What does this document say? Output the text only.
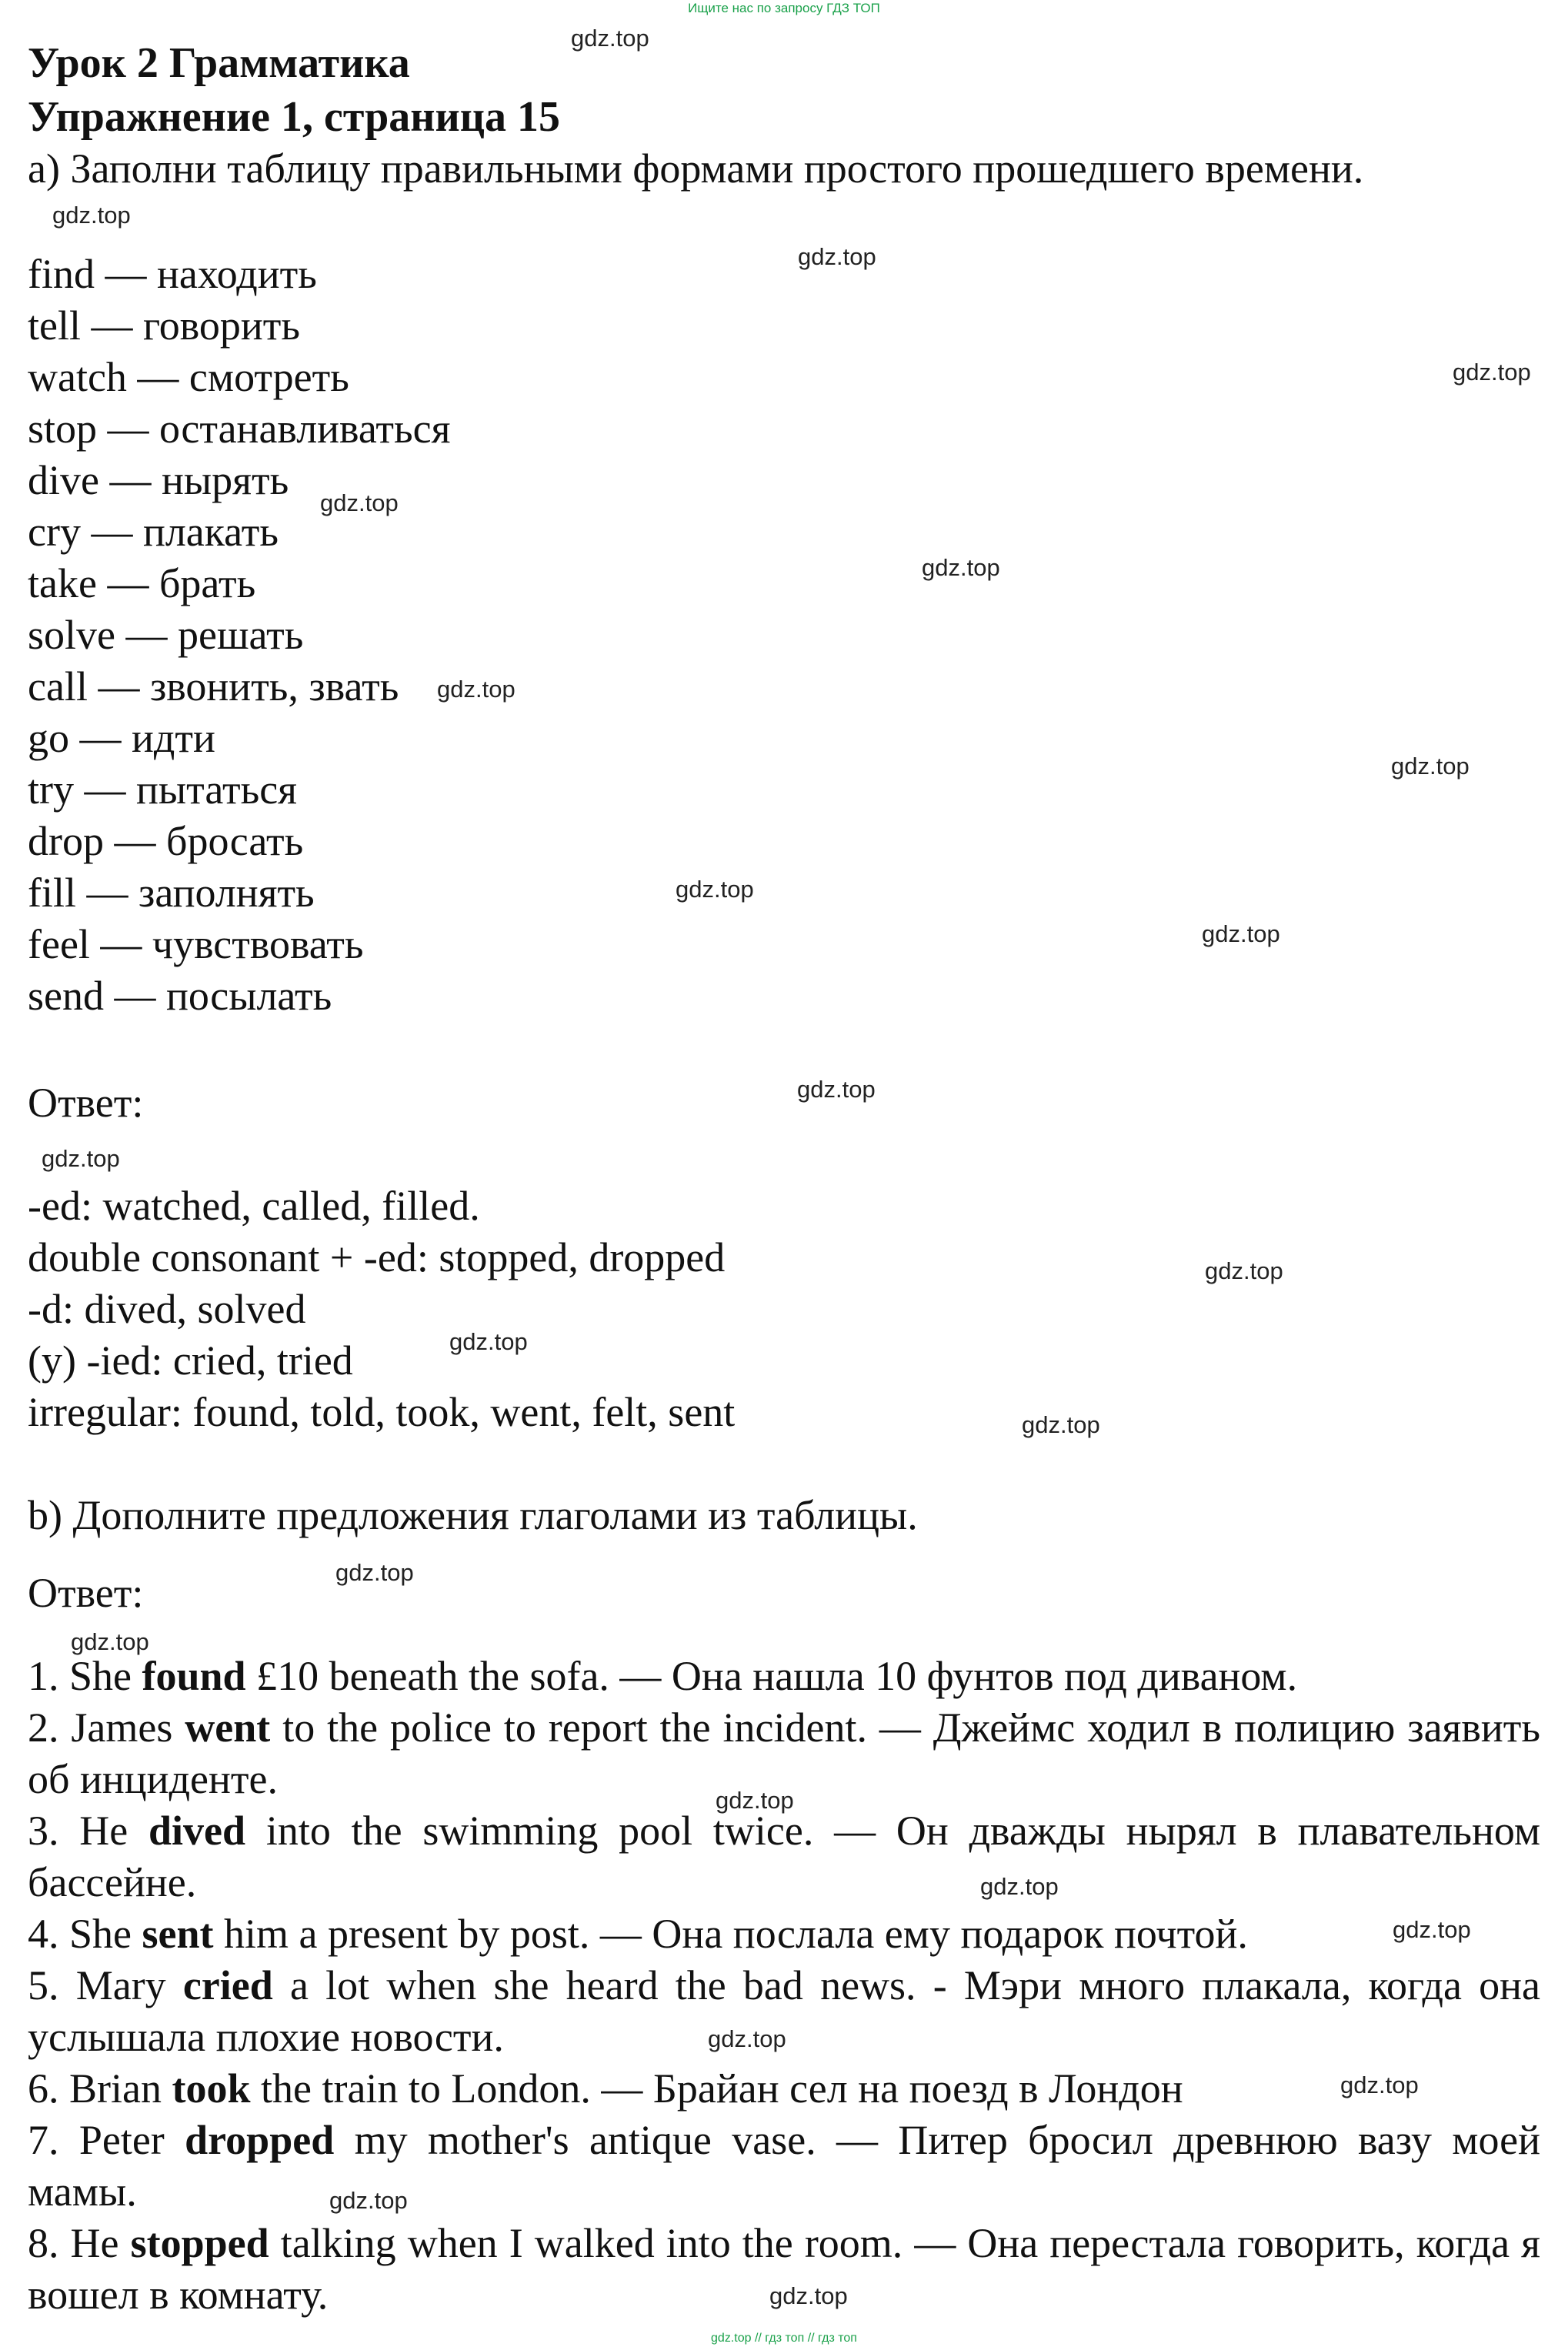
Ищите нас по запросу ГДЗ ТОП
gdz.top
gdz.top
gdz.top
gdz.top
gdz.top
gdz.top
gdz.top
gdz.top
gdz.top
gdz.top
gdz.top
gdz.top
gdz.top
gdz.top
gdz.top
gdz.top
gdz.top
gdz.top
gdz.top
gdz.top
gdz.top
gdz.top
gdz.top
gdz.top
Урок 2 Грамматика
Упражнение 1, страница 15
a) Заполни таблицу правильными формами простого прошедшего времени.
find — находить
tell — говорить
watch — смотреть
stop — останавливаться
dive — нырять
cry — плакать
take — брать
solve — решать
call — звонить, звать
go — идти
try — пытаться
drop — бросать
fill — заполнять
feel — чувствовать
send — посылать
Ответ:
-ed: watched, called, filled.
double consonant + -ed: stopped, dropped
-d: dived, solved
(y) -ied: cried, tried
irregular: found, told, took, went, felt, sent
b) Дополните предложения глаголами из таблицы.
Ответ:
1. She found £10 beneath the sofa. — Она нашла 10 фунтов под диваном.
2. James went to the police to report the incident. — Джеймс ходил в полицию заявить об инциденте.
3. He dived into the swimming pool twice. — Он дважды нырял в плавательном бассейне.
4. She sent him a present by post. — Она послала ему подарок почтой.
5. Mary cried a lot when she heard the bad news. - Мэри много плакала, когда она услышала плохие новости.
6. Brian took the train to London. — Брайан сел на поезд в Лондон
7. Peter dropped my mother's antique vase. — Питер бросил древнюю вазу моей мамы.
8. He stopped talking when I walked into the room. — Она перестала говорить, когда я вошел в комнату.
gdz.top // гдз топ // гдз топ
